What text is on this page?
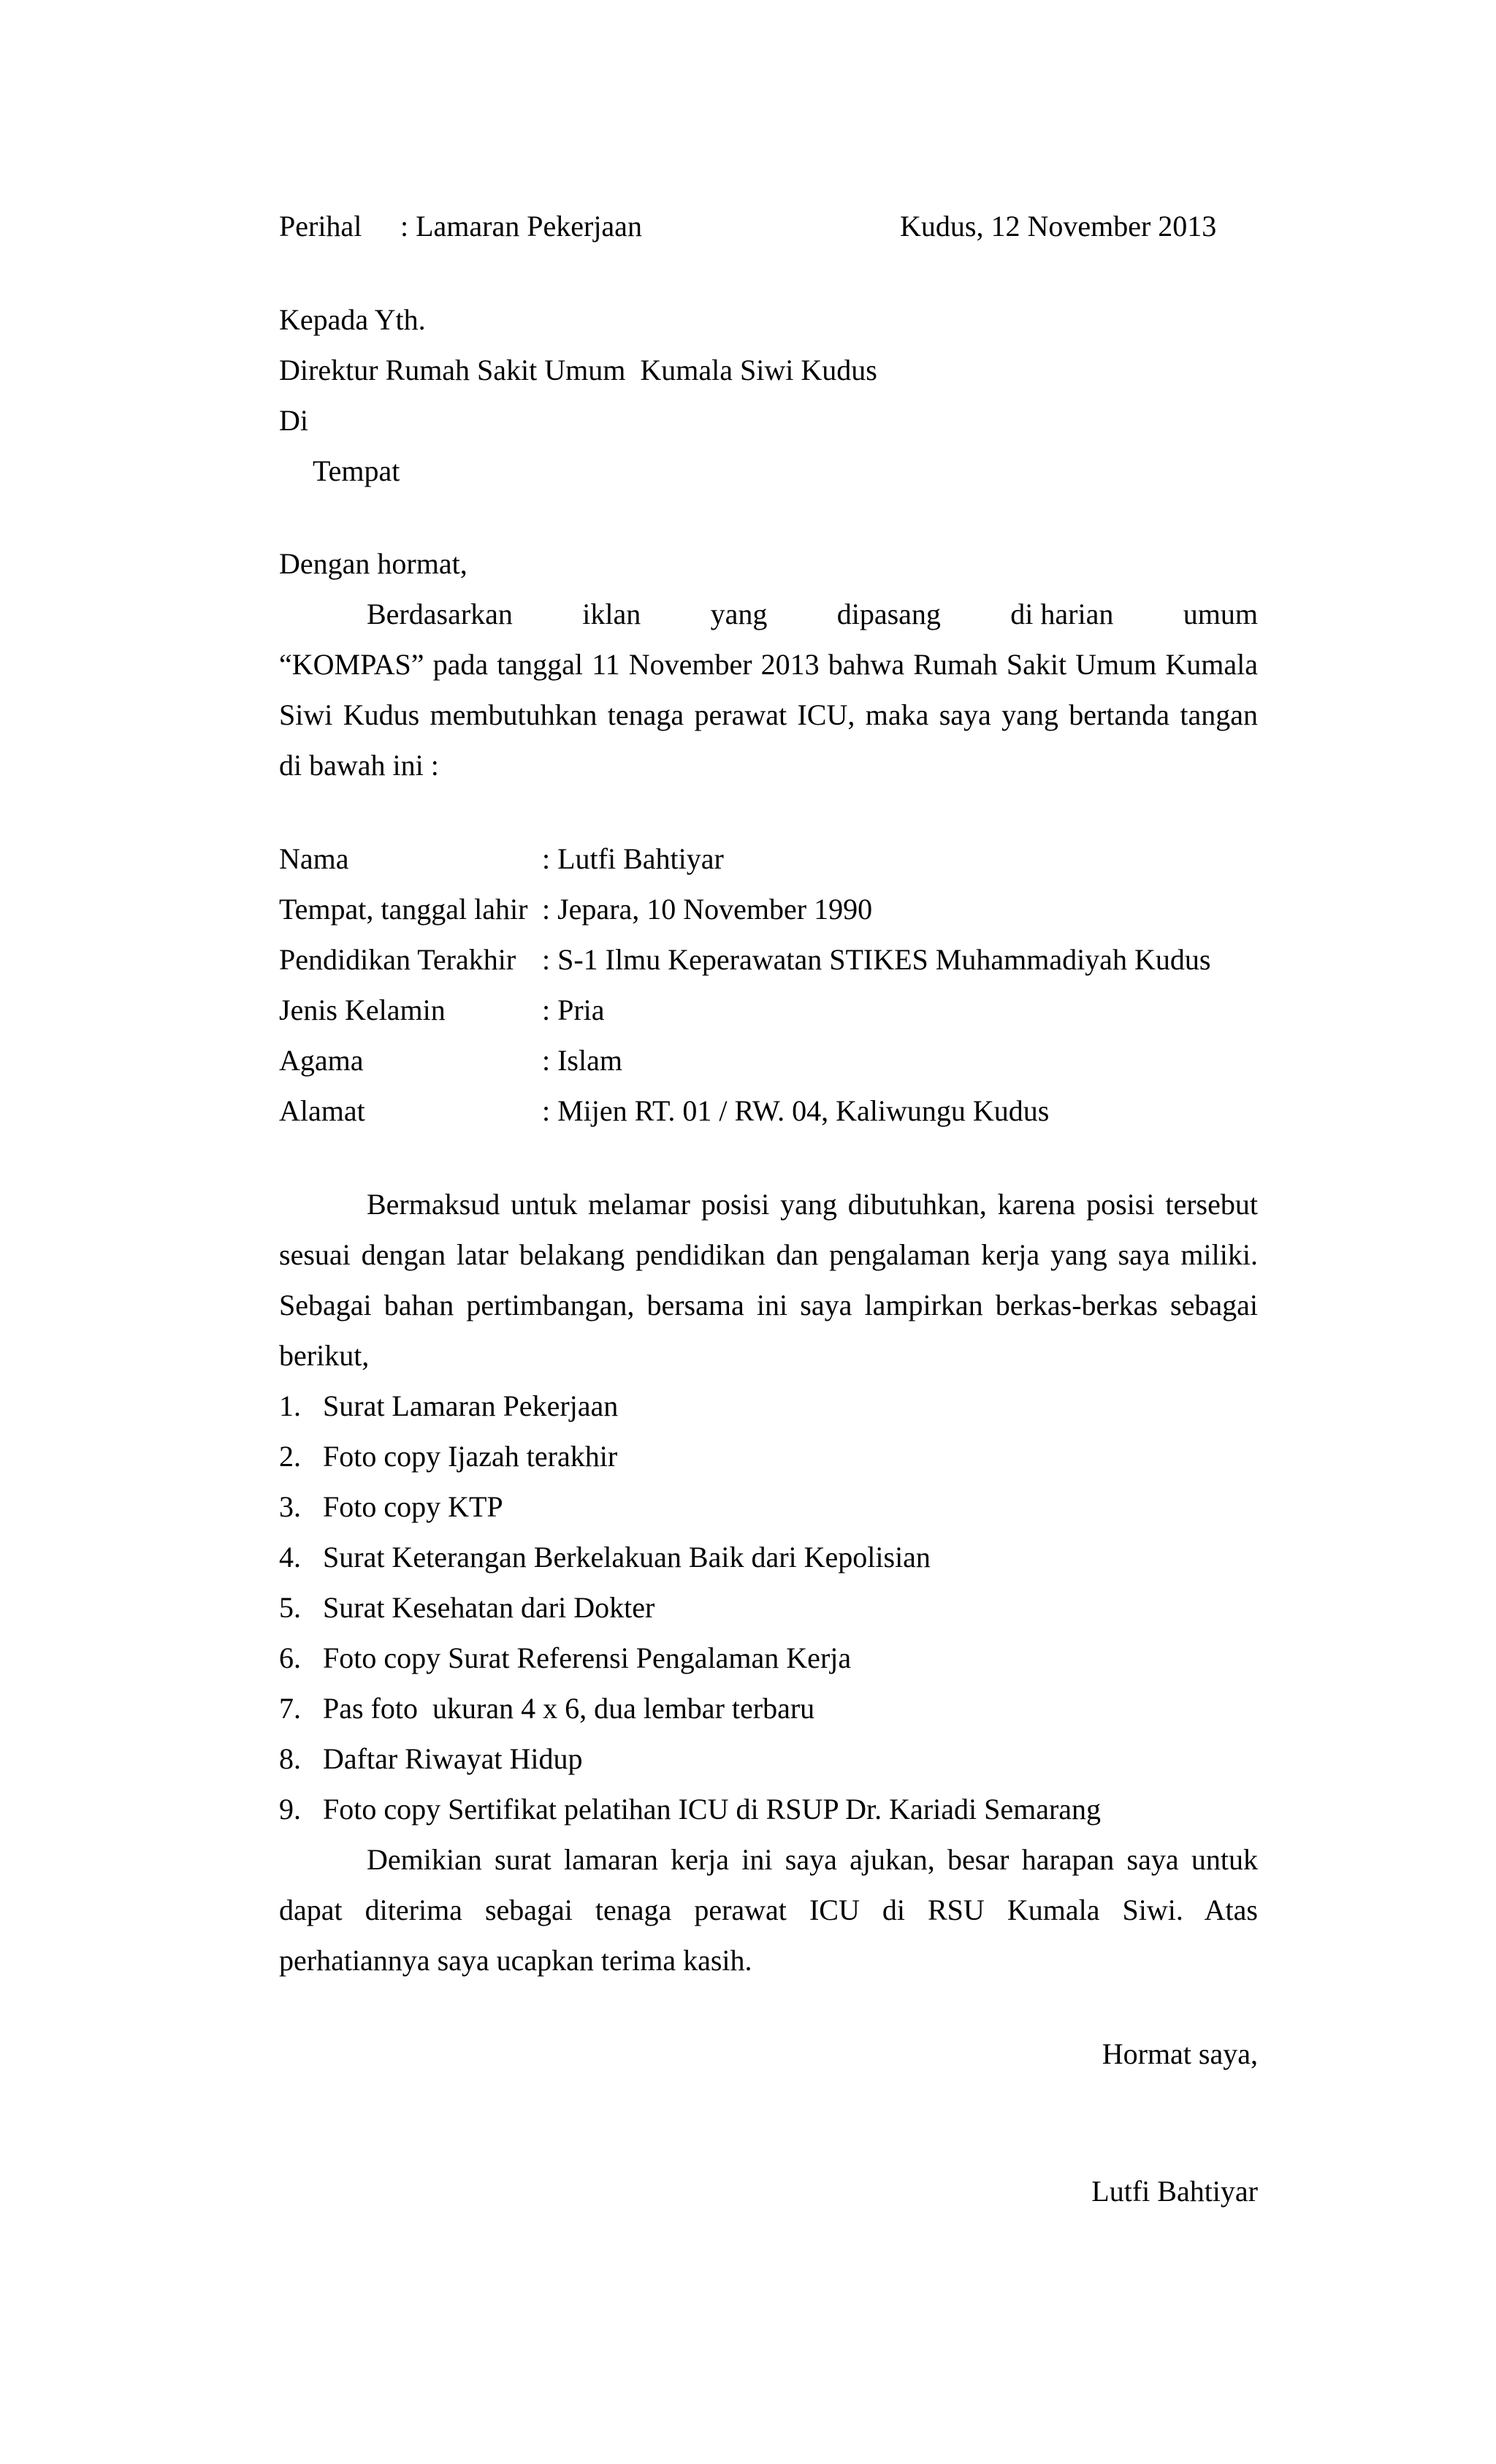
Perihal : Lamaran Pekerjaan	Kudus, 12 November 2013
Kepada Yth.
Direktur Rumah Sakit Umum  Kumala Siwi Kudus
Di
Tempat
Dengan hormat,
Berdasarkan iklan yang dipasang di harian umum
“KOMPAS” pada tanggal 11 November 2013 bahwa Rumah Sakit Umum Kumala
Siwi Kudus membutuhkan tenaga perawat ICU, maka saya yang bertanda tangan
di bawah ini :
Nama	: Lutfi Bahtiyar
Tempat, tanggal lahir : Jepara, 10 November 1990
Pendidikan Terakhir : S-1 Ilmu Keperawatan STIKES Muhammadiyah Kudus
Jenis Kelamin	: Pria
Agama	: Islam
Alamat	: Mijen RT. 01 / RW. 04, Kaliwungu Kudus
Bermaksud untuk melamar posisi yang dibutuhkan, karena posisi tersebut
sesuai dengan latar belakang pendidikan dan pengalaman kerja yang saya miliki.
Sebagai bahan pertimbangan, bersama ini saya lampirkan berkas-berkas sebagai
berikut,
1. Surat Lamaran Pekerjaan
2. Foto copy Ijazah terakhir
3. Foto copy KTP
4. Surat Keterangan Berkelakuan Baik dari Kepolisian
5. Surat Kesehatan dari Dokter
6. Foto copy Surat Referensi Pengalaman Kerja
7. Pas foto  ukuran 4 x 6, dua lembar terbaru
8. Daftar Riwayat Hidup
9. Foto copy Sertifikat pelatihan ICU di RSUP Dr. Kariadi Semarang
Demikian surat lamaran kerja ini saya ajukan, besar harapan saya untuk
dapat diterima sebagai tenaga perawat ICU di RSU Kumala Siwi. Atas
perhatiannya saya ucapkan terima kasih.
Hormat saya,
Lutfi Bahtiyar
